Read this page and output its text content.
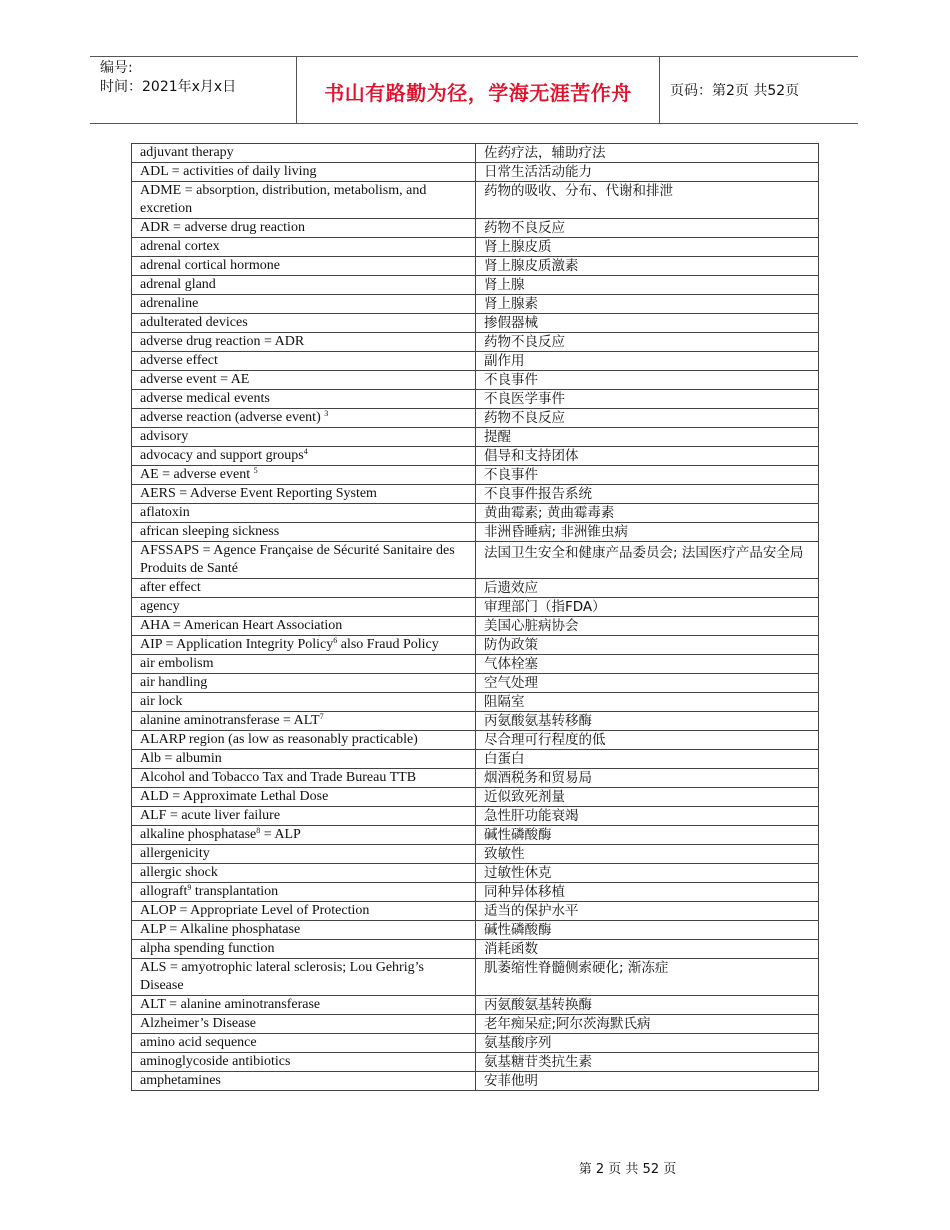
编号:
时间：2021年x月x日	书山有路勤为径，学海无涯苦作舟	页码：第2页 共52页
adjuvant therapy	佐药疗法，辅助疗法
ADL = activities of daily living	日常生活活动能力
ADME = absorption, distribution, metabolism, and excretion	药物的吸收、分布、代谢和排泄
ADR = adverse drug reaction	药物不良反应
adrenal cortex	肾上腺皮质
adrenal cortical hormone	肾上腺皮质激素
adrenal gland	肾上腺
adrenaline	肾上腺素
adulterated devices	掺假器械
adverse drug reaction = ADR	药物不良反应
adverse effect	副作用
adverse event = AE	不良事件
adverse medical events	不良医学事件
adverse reaction (adverse event) $^3$	药物不良反应
advisory	提醒
advocacy and support groups$^4$	倡导和支持团体
AE = adverse event $^5$	不良事件
AERS = Adverse Event Reporting System	不良事件报告系统
aflatoxin	黄曲霉素; 黄曲霉毒素
african sleeping sickness	非洲昏睡病; 非洲锥虫病
AFSSAPS = Agence Française de Sécurité Sanitaire des Produits de Santé	法国卫生安全和健康产品委员会; 法国医疗产品安全局
after effect	后遗效应
agency	审理部门（指FDA）
AHA = American Heart Association	美国心脏病协会
AIP = Application Integrity Policy$^6$ also Fraud Policy	防伪政策
air embolism	气体栓塞
air handling	空气处理
air lock	阻隔室
alanine aminotransferase = $ALT^7$	丙氨酸氨基转移酶
ALARP region (as low as reasonably practicable)	尽合理可行程度的低
Alb = albumin	白蛋白
Alcohol and Tobacco Tax and Trade Bureau TTB	烟酒税务和贸易局
ALD = Approximate Lethal Dose	近似致死剂量
ALF = acute liver failure	急性肝功能衰竭
alkaline phosphatase$^8$ = ALP	碱性磷酸酶
allergenicity	致敏性
allergic shock	过敏性休克
allograft$^9$ transplantation	同种异体移植
ALOP = Appropriate Level of Protection	适当的保护水平
ALP = Alkaline phosphatase	碱性磷酸酶
alpha spending function	消耗函数
ALS = amyotrophic lateral sclerosis; Lou Gehrig’s Disease	肌萎缩性脊髓侧索硬化; 渐冻症
ALT = alanine aminotransferase	丙氨酸氨基转换酶
Alzheimer’s Disease	老年痴呆症;阿尔茨海默氏病
amino acid sequence	氨基酸序列
aminoglycoside antibiotics	氨基糖苷类抗生素
amphetamines	安菲他明
第 2 页 共 52 页
